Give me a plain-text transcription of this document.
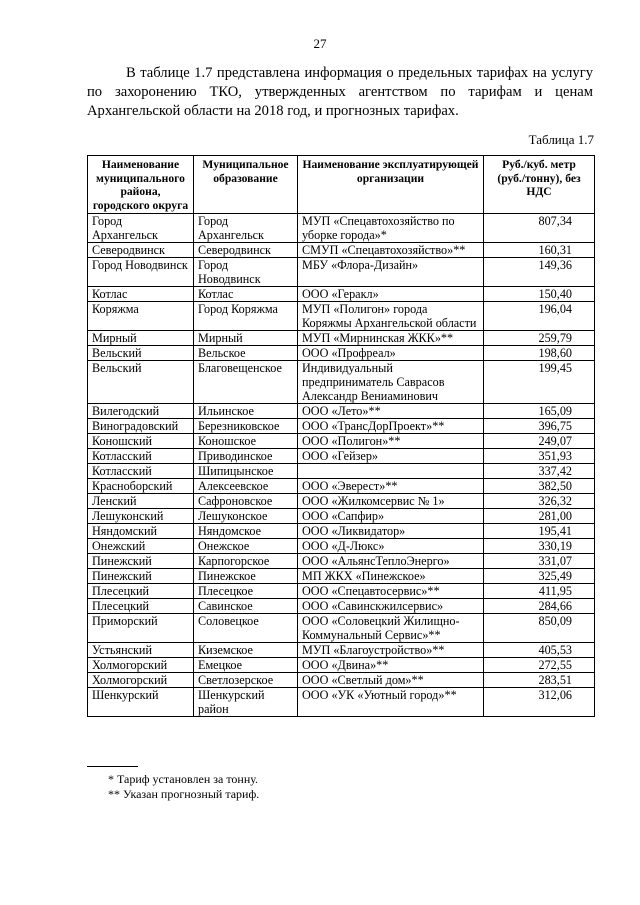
27

В таблице 1.7 представлена информация о предельных тарифах на услугу по захоронению ТКО, утвержденных агентством по тарифам и ценам Архангельской области на 2018 год, и прогнозных тарифах.

Таблица 1.7
Наименование муниципального района, городского округа	Муниципальное образование	Наименование эксплуатирующей организации	Руб./куб. метр (руб./тонну), без НДС
Город Архангельск	Город Архангельск	МУП «Спецавтохозяйство по уборке города»*	807,34
Северодвинск	Северодвинск	СМУП «Спецавтохозяйство»**	160,31
Город Новодвинск	Город Новодвинск	МБУ «Флора-Дизайн»	149,36
Котлас	Котлас	ООО «Геракл»	150,40
Коряжма	Город Коряжма	МУП «Полигон» города Коряжмы Архангельской области	196,04
Мирный	Мирный	МУП «Мирнинская ЖКК»**	259,79
Вельский	Вельское	ООО «Профреал»	198,60
Вельский	Благовещенское	Индивидуальный предприниматель Саврасов Александр Вениаминович	199,45
Вилегодский	Ильинское	ООО «Лето»**	165,09
Виноградовский	Березниковское	ООО «ТрансДорПроект»**	396,75
Коношский	Коношское	ООО «Полигон»**	249,07
Котласский	Приводинское	ООО «Гейзер»	351,93
Котласский	Шипицынское		337,42
Красноборский	Алексеевское	ООО «Эверест»**	382,50
Ленский	Сафроновское	ООО «Жилкомсервис № 1»	326,32
Лешуконский	Лешуконское	ООО «Сапфир»	281,00
Няндомский	Няндомское	ООО «Ликвидатор»	195,41
Онежский	Онежское	ООО «Д-Люкс»	330,19
Пинежский	Карпогорское	ООО «АльянсТеплоЭнерго»	331,07
Пинежский	Пинежское	МП ЖКХ «Пинежское»	325,49
Плесецкий	Плесецкое	ООО «Спецавтосервис»**	411,95
Плесецкий	Савинское	ООО «Савинскжилсервис»	284,66
Приморский	Соловецкое	ООО «Соловецкий Жилищно-Коммунальный Сервис»**	850,09
Устьянский	Киземское	МУП «Благоустройство»**	405,53
Холмогорский	Емецкое	ООО «Двина»**	272,55
Холмогорский	Светлозерское	ООО «Светлый дом»**	283,51
Шенкурский	Шенкурский район	ООО «УК «Уютный город»**	312,06
* Тариф установлен за тонну.
** Указан прогнозный тариф.
